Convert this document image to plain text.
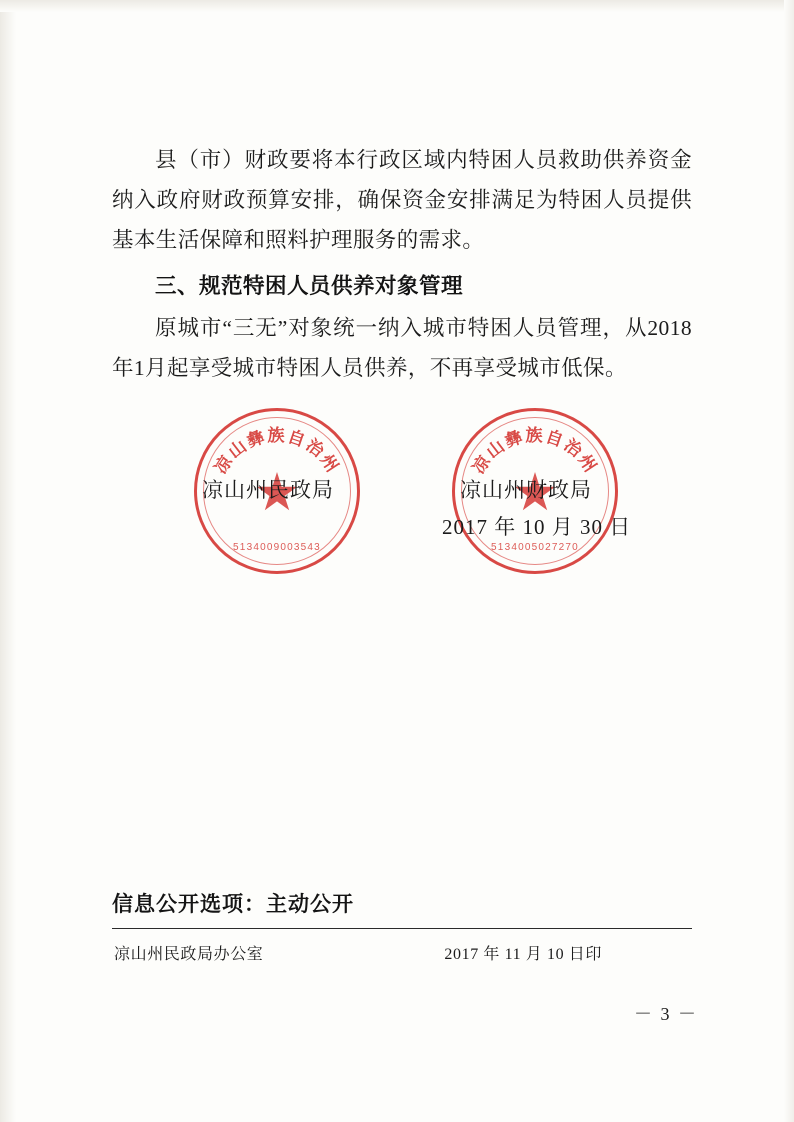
县（市）财政要将本行政区域内特困人员救助供养资金纳入政府财政预算安排，确保资金安排满足为特困人员提供基本生活保障和照料护理服务的需求。

三、规范特困人员供养对象管理

原城市“三无”对象统一纳入城市特困人员管理，从2018年1月起享受城市特困人员供养，不再享受城市低保。

凉山彝族自治州
5134009003543
凉山彝族自治州
5134005027270
凉山州民政局	凉山州财政局
2017 年 10 月 30 日
信息公开选项：主动公开
凉山州民政局办公室	2017 年 11 月 10 日印
－ 3 －
